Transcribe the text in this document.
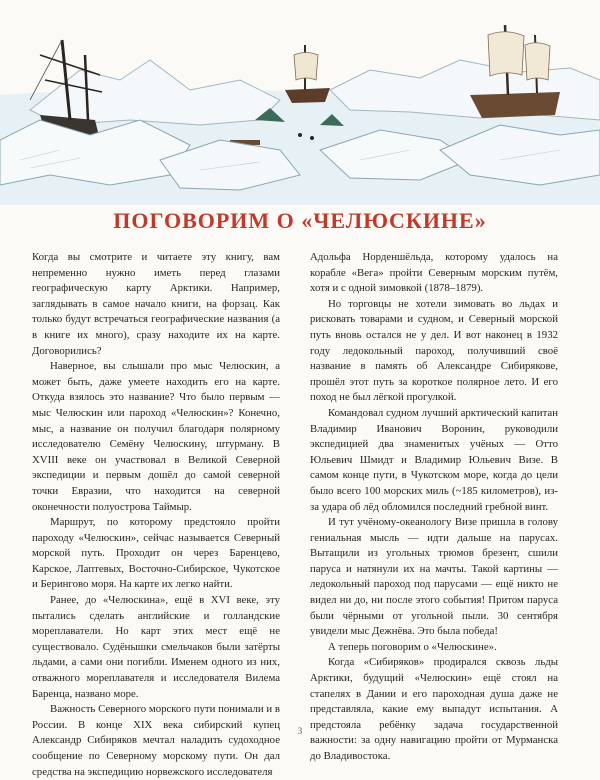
ПОГОВОРИМ О «ЧЕЛЮСКИНЕ»

Когда вы смотрите и читаете эту книгу, вам непременно нужно иметь перед глазами географическую карту Арктики. Например, заглядывать в самое начало книги, на форзац. Как только будут встречаться географические названия (а в книге их много), сразу находите их на карте. Договорились?

Наверное, вы слышали про мыс Челюскин, а может быть, даже умеете находить его на карте. Откуда взялось это название? Что было первым — мыс Челюскин или пароход «Челюскин»? Конечно, мыс, а название он получил благодаря полярному исследователю Семёну Челюскину, штурману. В XVIII веке он участвовал в Великой Северной экспедиции и первым дошёл до самой северной точки Евразии, что находится на северной оконечности полуострова Таймыр.

Маршрут, по которому предстояло пройти пароходу «Челюскин», сейчас называется Северный морской путь. Проходит он через Баренцево, Карское, Лаптевых, Восточно-Сибирское, Чукотское и Берингово моря. На карте их легко найти.

Ранее, до «Челюскина», ещё в XVI веке, эту пытались сделать английские и голландские мореплаватели. Но карт этих мест ещё не существовало. Судёнышки смельчаков были затёрты льдами, а сами они погибли. Именем одного из них, отважного мореплавателя и исследователя Вилема Баренца, названо море.

Важность Северного морского пути понимали и в России. В конце XIX века сибирский купец Александр Сибиряков мечтал наладить судоходное сообщение по Северному морскому пути. Он дал средства на экспедицию норвежского исследователя

Адольфа Норденшёльда, которому удалось на корабле «Вега» пройти Северным морским путём, хотя и с одной зимовкой (1878–1879).

Но торговцы не хотели зимовать во льдах и рисковать товарами и судном, и Северный морской путь вновь остался не у дел. И вот наконец в 1932 году ледокольный пароход, получивший своё название в память об Александре Сибирякове, прошёл этот путь за короткое полярное лето. И его поход не был лёгкой прогулкой.

Командовал судном лучший арктический капитан Владимир Иванович Воронин, руководили экспедицией два знаменитых учёных — Отто Юльевич Шмидт и Владимир Юльевич Визе. В самом конце пути, в Чукотском море, когда до цели было всего 100 морских миль (~185 километров), из-за удара об лёд обломился последний гребной винт.

И тут учёному-океанологу Визе пришла в голову гениальная мысль — идти дальше на парусах. Вытащили из угольных трюмов брезент, сшили паруса и натянули их на мачты. Такой картины — ледокольный пароход под парусами — ещё никто не видел ни до, ни после этого события! Притом паруса были чёрными от угольной пыли. 30 сентября увидели мыс Дежнёва. Это была победа!

А теперь поговорим о «Челюскине».

Когда «Сибиряков» продирался сквозь льды Арктики, будущий «Челюскин» ещё стоял на стапелях в Дании и его пароходная душа даже не представляла, какие ему выпадут испытания. А предстояла ребёнку задача государственной важности: за одну навигацию пройти от Мурманска до Владивостока.

3
